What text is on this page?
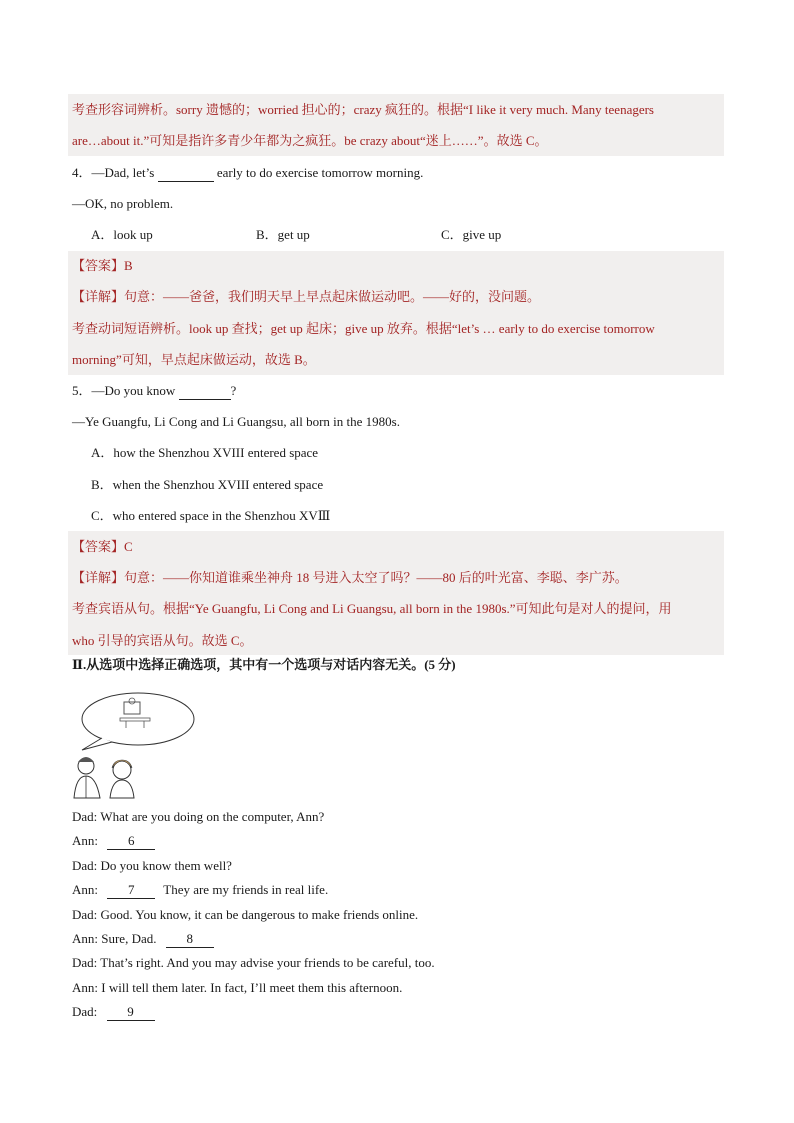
考查形容词辨析。sorry 遗憾的；worried 担心的；crazy 疯狂的。根据“I like it very much. Many teenagers
are…about it.”可知是指许多青少年都为之疯狂。be crazy about“迷上……”。故选 C。
4．—Dad, let’s	early to do exercise tomorrow morning.
—OK, no problem.
A．look up	B．get up	C．give up
【答案】B
【详解】句意：——爸爸，我们明天早上早点起床做运动吧。——好的，没问题。
考查动词短语辨析。look up 查找；get up 起床；give up 放弃。根据“let’s … early to do exercise tomorrow
morning”可知，早点起床做运动，故选 B。
5．—Do you know	?
—Ye Guangfu, Li Cong and Li Guangsu, all born in the 1980s.
A．how the Shenzhou XVIII entered space
B．when the Shenzhou XVIII entered space
C．who entered space in the Shenzhou XVⅢ
【答案】C
【详解】句意：——你知道谁乘坐神舟 18 号进入太空了吗？——80 后的叶光富、李聪、李广苏。
考查宾语从句。根据“Ye Guangfu, Li Cong and Li Guangsu, all born in the 1980s.”可知此句是对人的提问，用
who 引导的宾语从句。故选 C。
Ⅱ.从选项中选择正确选项，其中有一个选项与对话内容无关。(5 分)
Dad: What are you doing on the computer, Ann?
Ann: 6
Dad: Do you know them well?
Ann: 7 They are my friends in real life.
Dad: Good. You know, it can be dangerous to make friends online.
Ann: Sure, Dad. 8
Dad: That’s right. And you may advise your friends to be careful, too.
Ann: I will tell them later. In fact, I’ll meet them this afternoon.
Dad: 9
